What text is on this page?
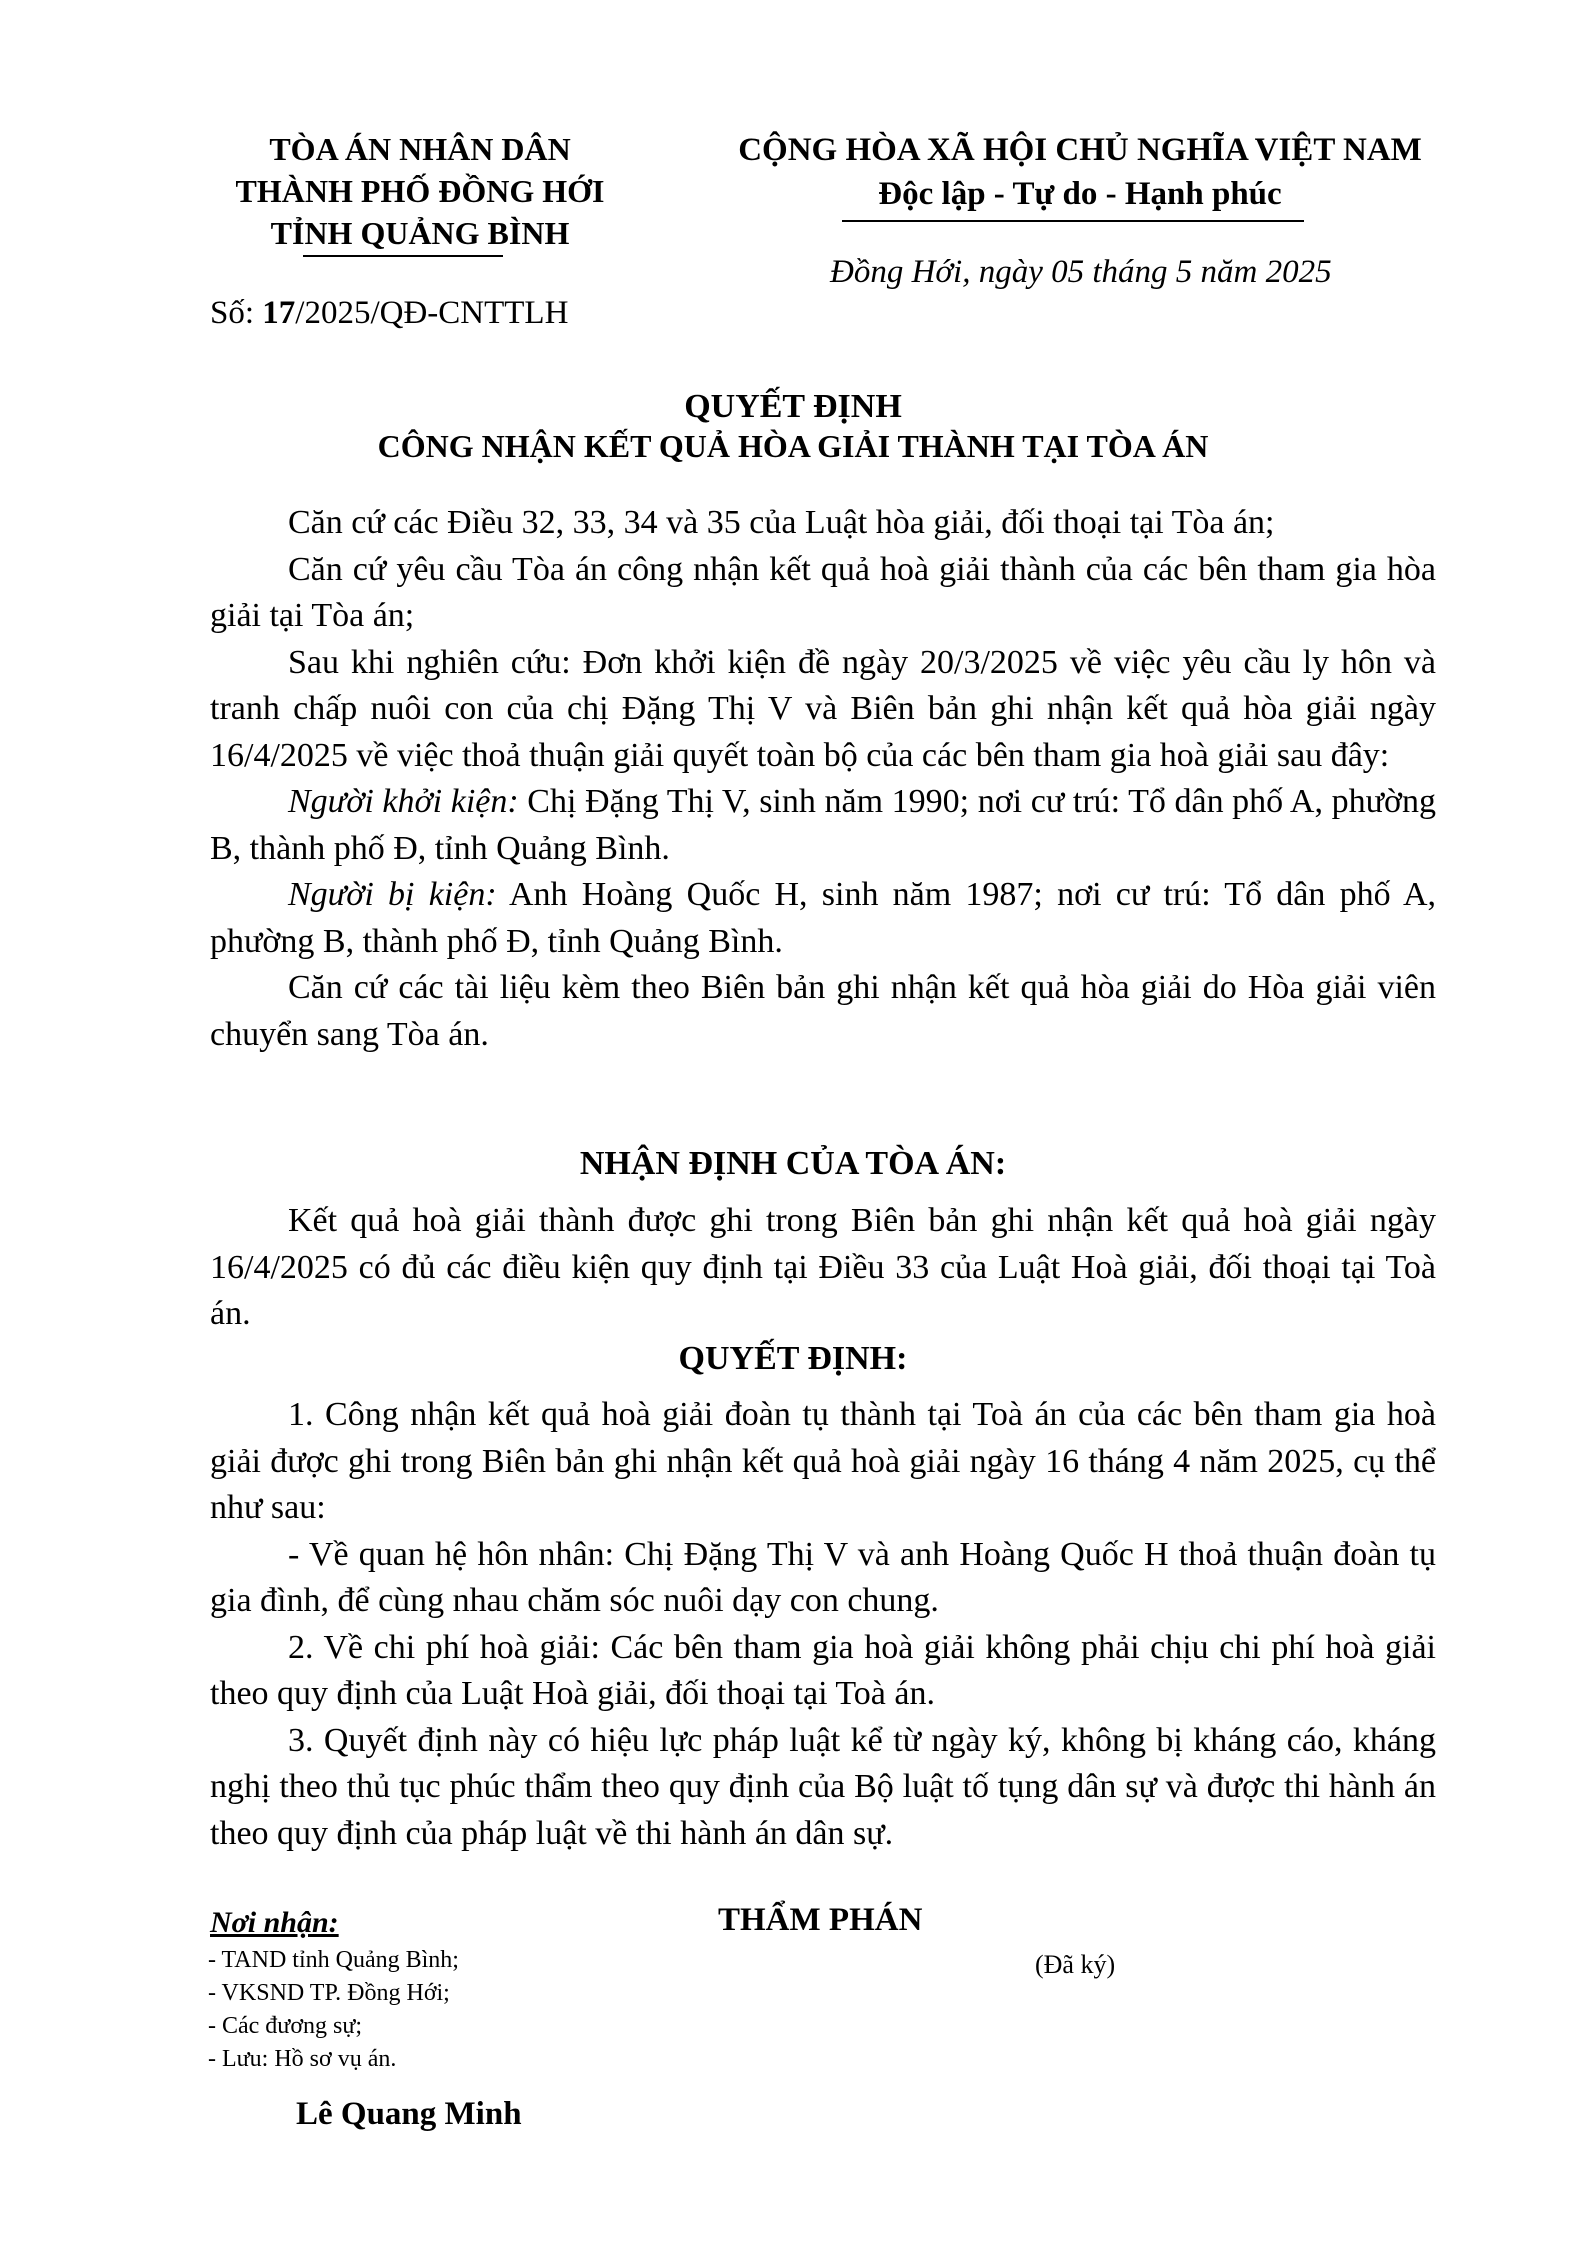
TÒA ÁN NHÂN DÂN
THÀNH PHỐ ĐỒNG HỚI
TỈNH QUẢNG BÌNH
CỘNG HÒA XÃ HỘI CHỦ NGHĨA VIỆT NAM
Độc lập - Tự do - Hạnh phúc
Đồng Hới, ngày 05 tháng 5 năm 2025
Số: 17/2025/QĐ-CNTTLH
QUYẾT ĐỊNH
CÔNG NHẬN KẾT QUẢ HÒA GIẢI THÀNH TẠI TÒA ÁN

Căn cứ các Điều 32, 33, 34 và 35 của Luật hòa giải, đối thoại tại Tòa án;

Căn cứ yêu cầu Tòa án công nhận kết quả hoà giải thành của các bên tham gia hòa giải tại Tòa án;

Sau khi nghiên cứu: Đơn khởi kiện đề ngày 20/3/2025 về việc yêu cầu ly hôn và tranh chấp nuôi con của chị Đặng Thị V và Biên bản ghi nhận kết quả hòa giải ngày 16/4/2025 về việc thoả thuận giải quyết toàn bộ của các bên tham gia hoà giải sau đây:

Người khởi kiện: Chị Đặng Thị V, sinh năm 1990; nơi cư trú: Tổ dân phố A, phường B, thành phố Đ, tỉnh Quảng Bình.

Người bị kiện: Anh Hoàng Quốc H, sinh năm 1987; nơi cư trú: Tổ dân phố A, phường B, thành phố Đ, tỉnh Quảng Bình.

Căn cứ các tài liệu kèm theo Biên bản ghi nhận kết quả hòa giải do Hòa giải viên chuyển sang Tòa án.

NHẬN ĐỊNH CỦA TÒA ÁN:

Kết quả hoà giải thành được ghi trong Biên bản ghi nhận kết quả hoà giải ngày 16/4/2025 có đủ các điều kiện quy định tại Điều 33 của Luật Hoà giải, đối thoại tại Toà án.

QUYẾT ĐỊNH:

1. Công nhận kết quả hoà giải đoàn tụ thành tại Toà án của các bên tham gia hoà giải được ghi trong Biên bản ghi nhận kết quả hoà giải ngày 16 tháng 4 năm 2025, cụ thể như sau:

- Về quan hệ hôn nhân: Chị Đặng Thị V và anh Hoàng Quốc H thoả thuận đoàn tụ gia đình, để cùng nhau chăm sóc nuôi dạy con chung.

2. Về chi phí hoà giải: Các bên tham gia hoà giải không phải chịu chi phí hoà giải theo quy định của Luật Hoà giải, đối thoại tại Toà án.

3. Quyết định này có hiệu lực pháp luật kể từ ngày ký, không bị kháng cáo, kháng nghị theo thủ tục phúc thẩm theo quy định của Bộ luật tố tụng dân sự và được thi hành án theo quy định của pháp luật về thi hành án dân sự.

Nơi nhận:
- TAND tỉnh Quảng Bình;
- VKSND TP. Đồng Hới;
- Các đương sự;
- Lưu: Hồ sơ vụ án.
THẨM PHÁN
(Đã ký)
Lê Quang Minh
